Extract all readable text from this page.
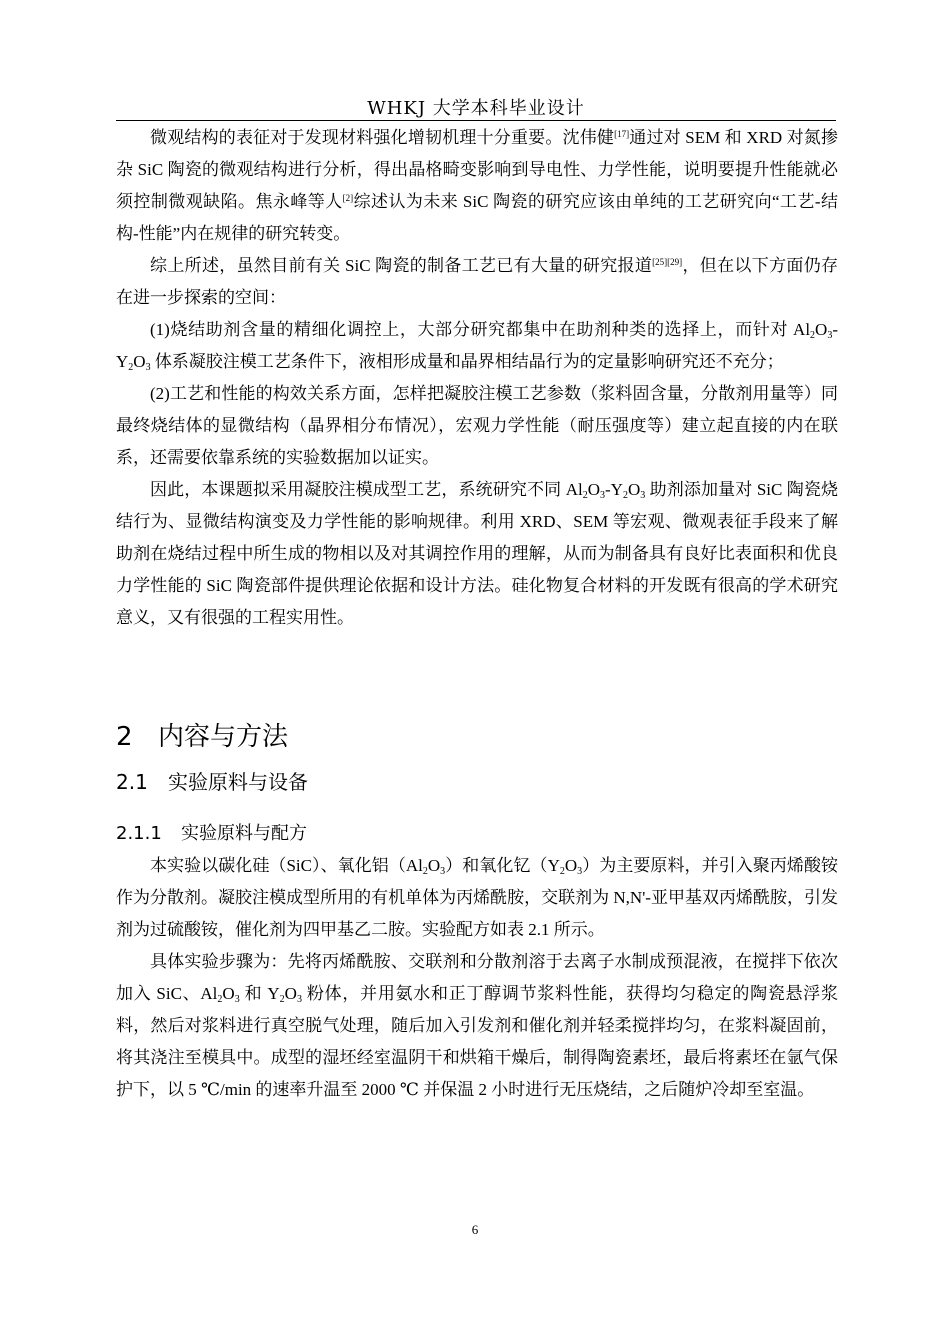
WHKJ 大学本科毕业设计

微观结构的表征对于发现材料强化增韧机理十分重要。沈伟健[17]通过对 SEM 和 XRD 对氮掺杂 SiC 陶瓷的微观结构进行分析，得出晶格畸变影响到导电性、力学性能，说明要提升性能就必须控制微观缺陷。焦永峰等人[2]综述认为未来 SiC 陶瓷的研究应该由单纯的工艺研究向“工艺-结构-性能”内在规律的研究转变。

综上所述，虽然目前有关 SiC 陶瓷的制备工艺已有大量的研究报道[25][29]，但在以下方面仍存在进一步探索的空间：

(1)烧结助剂含量的精细化调控上，大部分研究都集中在助剂种类的选择上，而针对 $Al_2O_3-Y_2O_3$ 体系凝胶注模工艺条件下，液相形成量和晶界相结晶行为的定量影响研究还不充分；

(2)工艺和性能的构效关系方面，怎样把凝胶注模工艺参数（浆料固含量，分散剂用量等）同最终烧结体的显微结构（晶界相分布情况），宏观力学性能（耐压强度等）建立起直接的内在联系，还需要依靠系统的实验数据加以证实。

因此，本课题拟采用凝胶注模成型工艺，系统研究不同 $Al_2O_3-Y_2O_3$ 助剂添加量对 SiC 陶瓷烧结行为、显微结构演变及力学性能的影响规律。利用 XRD、SEM 等宏观、微观表征手段来了解助剂在烧结过程中所生成的物相以及对其调控作用的理解，从而为制备具有良好比表面积和优良力学性能的 SiC 陶瓷部件提供理论依据和设计方法。硅化物复合材料的开发既有很高的学术研究意义，又有很强的工程实用性。

2 内容与方法
2.1 实验原料与设备
2.1.1 实验原料与配方

本实验以碳化硅（SiC）、氧化铝$(Al_2O_3)$和氧化钇$(Y_2O_3)$为主要原料，并引入聚丙烯酸铵作为分散剂。凝胶注模成型所用的有机单体为丙烯酰胺，交联剂为 N,N'-亚甲基双丙烯酰胺，引发剂为过硫酸铵，催化剂为四甲基乙二胺。实验配方如表 2.1 所示。

具体实验步骤为：先将丙烯酰胺、交联剂和分散剂溶于去离子水制成预混液，在搅拌下依次加入 SiC、$Al_2O_3$ 和 $Y_2O_3$ 粉体，并用氨水和正丁醇调节浆料性能，获得均匀稳定的陶瓷悬浮浆料，然后对浆料进行真空脱气处理，随后加入引发剂和催化剂并轻柔搅拌均匀，在浆料凝固前，将其浇注至模具中。成型的湿坯经室温阴干和烘箱干燥后，制得陶瓷素坯，最后将素坯在氩气保护下，以 5 ℃/min 的速率升温至 2000 ℃ 并保温 2 小时进行无压烧结，之后随炉冷却至室温。

6
